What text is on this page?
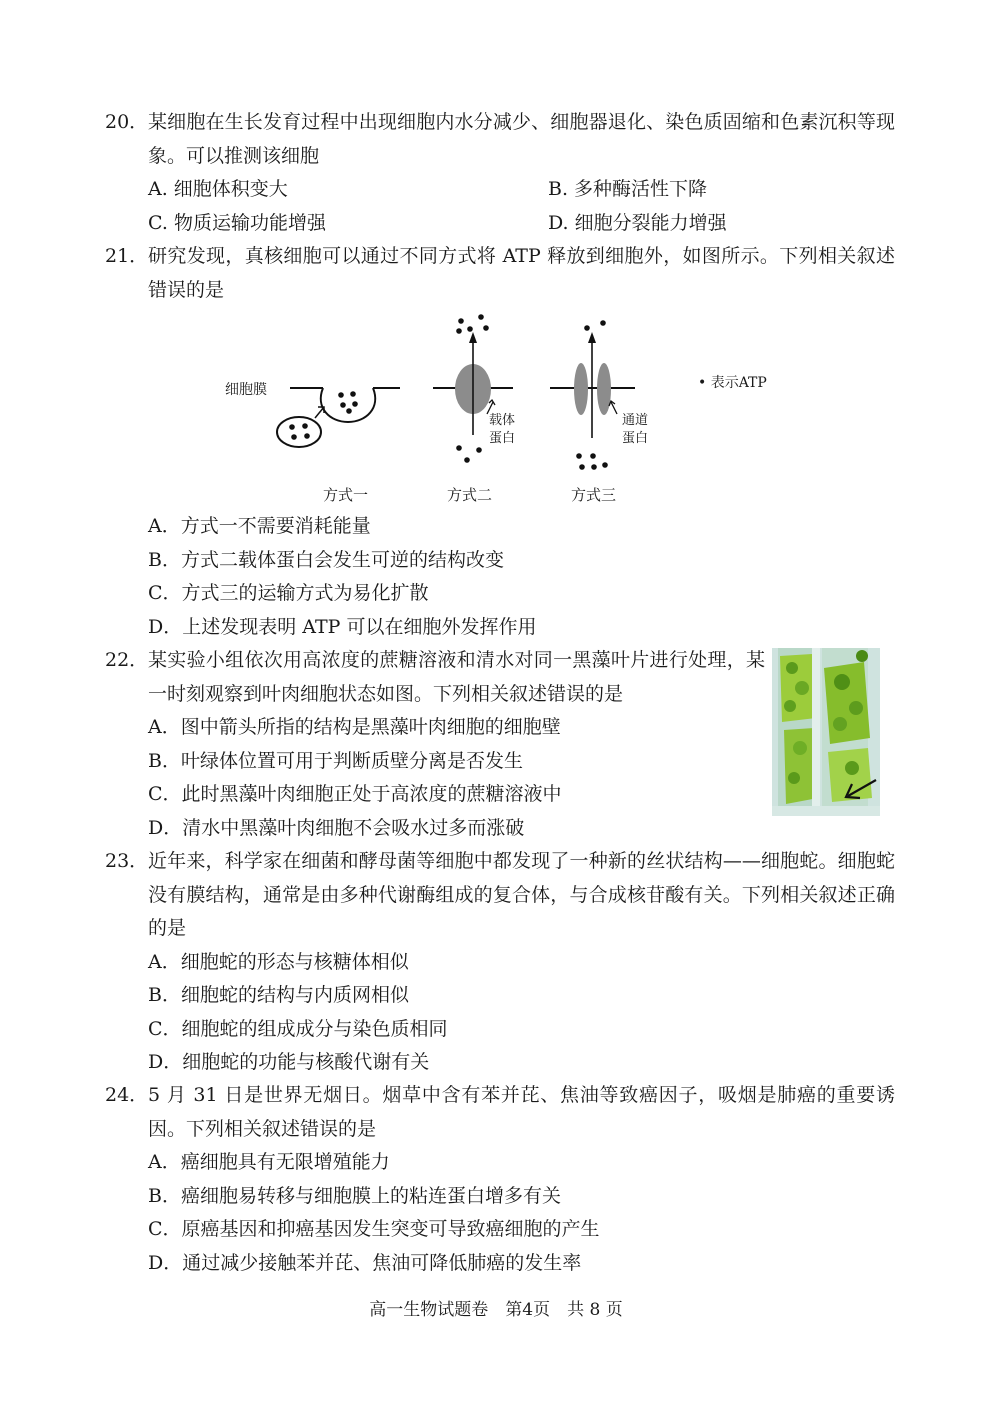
20． 某细胞在生长发育过程中出现细胞内水分减少、细胞器退化、染色质固缩和色素沉积等现象。可以推测该细胞
A. 细胞体积变大	B. 多种酶活性下降
C. 物质运输功能增强	D. 细胞分裂能力增强
21． 研究发现，真核细胞可以通过不同方式将 ATP 释放到细胞外，如图所示。下列相关叙述错误的是
细胞膜
载体
蛋白
通道
蛋白
• 表示ATP
方式一	方式二	方式三
A．方式一不需要消耗能量
B．方式二载体蛋白会发生可逆的结构改变
C．方式三的运输方式为易化扩散
D．上述发现表明 ATP 可以在细胞外发挥作用
22． 某实验小组依次用高浓度的蔗糖溶液和清水对同一黑藻叶片进行处理，某一时刻观察到叶肉细胞状态如图。下列相关叙述错误的是
A．图中箭头所指的结构是黑藻叶肉细胞的细胞壁
B．叶绿体位置可用于判断质壁分离是否发生
C．此时黑藻叶肉细胞正处于高浓度的蔗糖溶液中
D．清水中黑藻叶肉细胞不会吸水过多而涨破
23． 近年来，科学家在细菌和酵母菌等细胞中都发现了一种新的丝状结构——细胞蛇。细胞蛇没有膜结构，通常是由多种代谢酶组成的复合体，与合成核苷酸有关。下列相关叙述正确的是
A．细胞蛇的形态与核糖体相似
B．细胞蛇的结构与内质网相似
C．细胞蛇的组成成分与染色质相同
D．细胞蛇的功能与核酸代谢有关
24． 5 月 31 日是世界无烟日。烟草中含有苯并芘、焦油等致癌因子，吸烟是肺癌的重要诱因。下列相关叙述错误的是
A．癌细胞具有无限增殖能力
B．癌细胞易转移与细胞膜上的粘连蛋白增多有关
C．原癌基因和抑癌基因发生突变可导致癌细胞的产生
D．通过减少接触苯并芘、焦油可降低肺癌的发生率
高一生物试题卷　第4页　共 8 页
